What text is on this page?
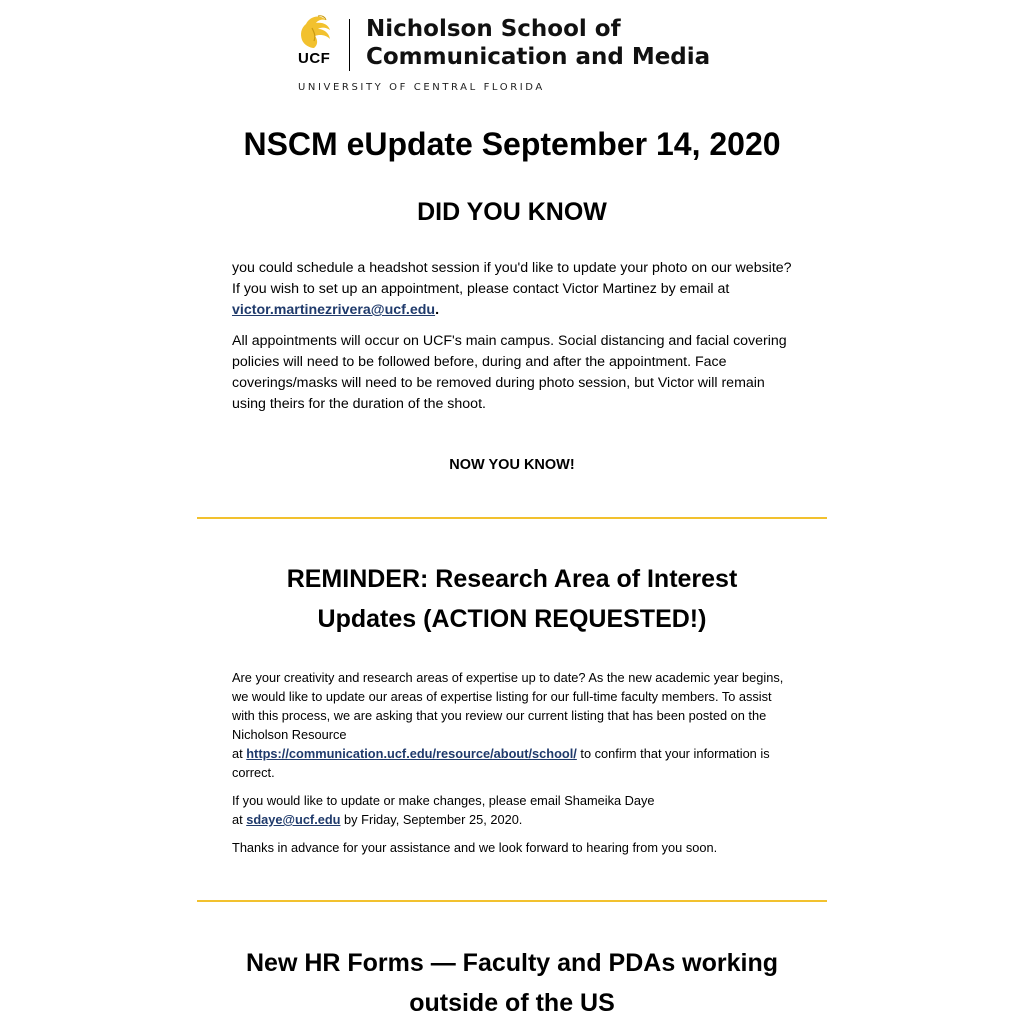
UCF
Nicholson School of
Communication and Media
UNIVERSITY OF CENTRAL FLORIDA
NSCM eUpdate September 14, 2020
DID YOU KNOW

you could schedule a headshot session if you'd like to update your photo on our website? If you wish to set up an appointment, please contact Victor Martinez by email at victor.martinezrivera@ucf.edu.

All appointments will occur on UCF's main campus. Social distancing and facial covering policies will need to be followed before, during and after the appointment. Face coverings/masks will need to be removed during photo session, but Victor will remain using theirs for the duration of the shoot.

NOW YOU KNOW!
REMINDER: Research Area of Interest
Updates (ACTION REQUESTED!)

Are your creativity and research areas of expertise up to date? As the new academic year begins, we would like to update our areas of expertise listing for our full-time faculty members. To assist with this process, we are asking that you review our current listing that has been posted on the Nicholson Resource
at https://communication.ucf.edu/resource/about/school/ to confirm that your information is correct.

If you would like to update or make changes, please email Shameika Daye
at sdaye@ucf.edu by Friday, September 25, 2020.

Thanks in advance for your assistance and we look forward to hearing from you soon.

New HR Forms — Faculty and PDAs working
outside of the US
